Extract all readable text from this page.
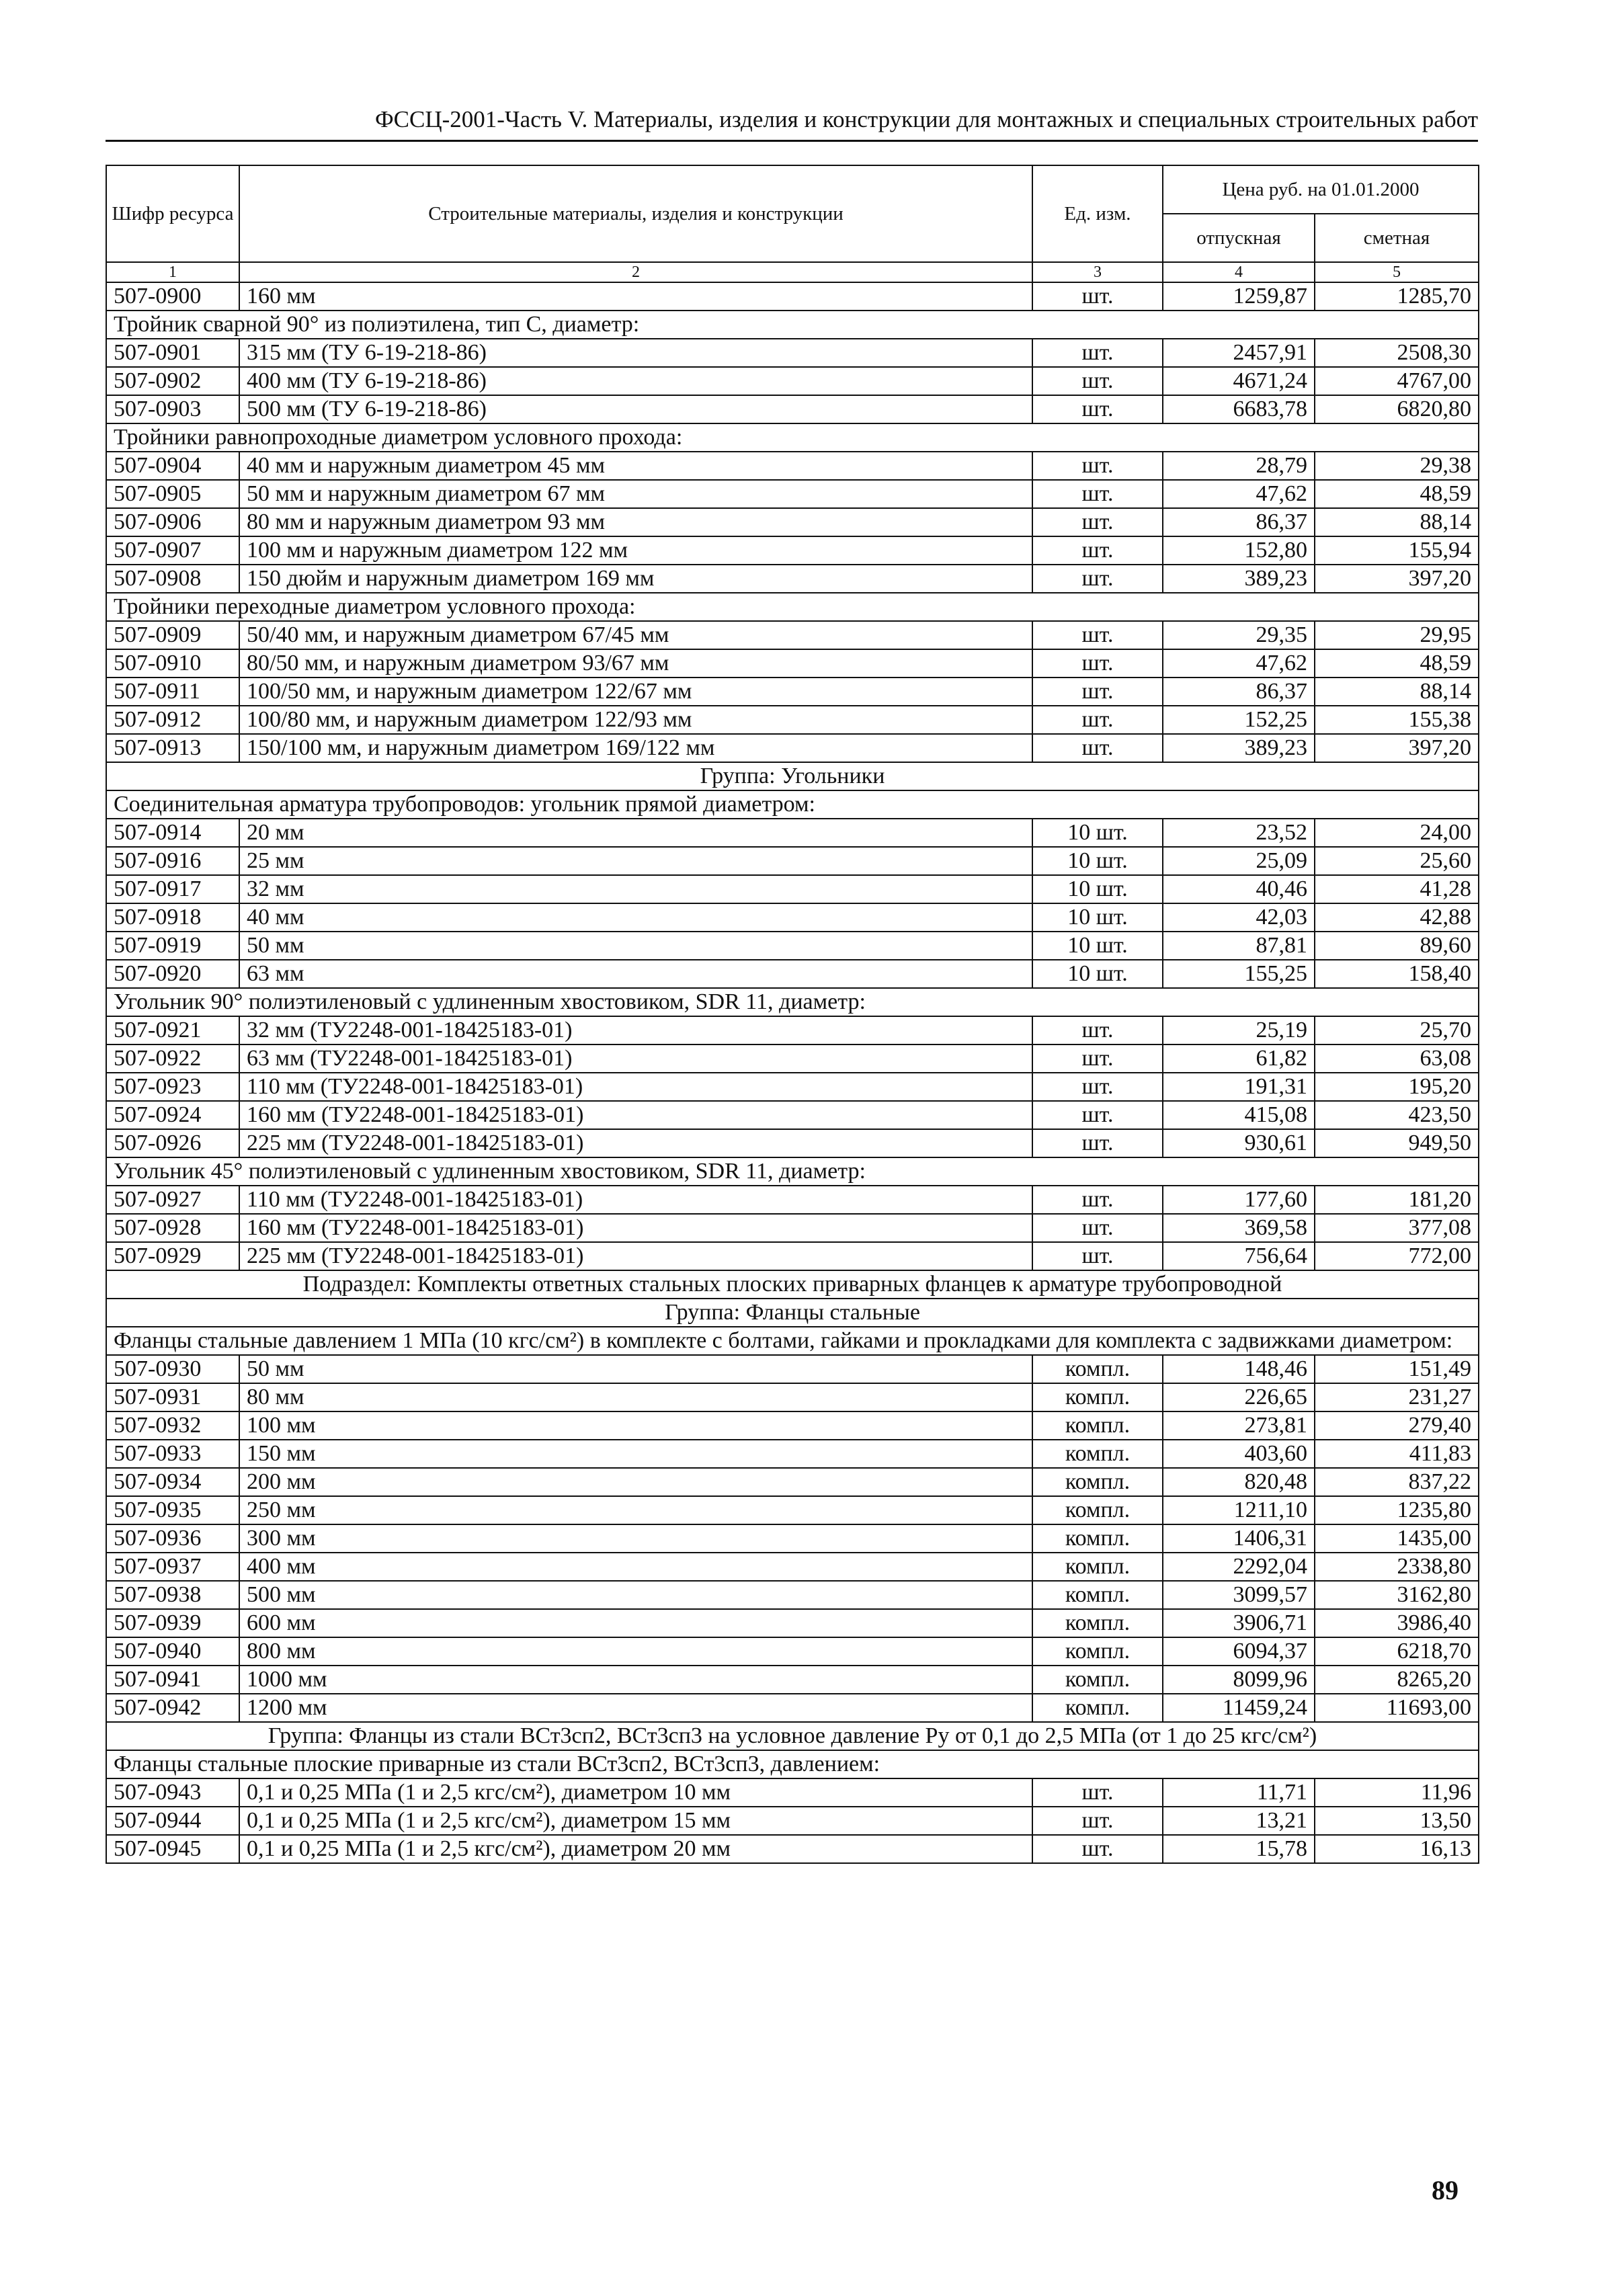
ФССЦ-2001-Часть V. Материалы, изделия и конструкции для монтажных и специальных строительных работ
Шифр ресурса	Строительные материалы, изделия и конструкции	Ед. изм.	Цена руб. на 01.01.2000	
			отпускная	сметная
1	2	3	4	5
507-0900	160 мм	шт.	1259,87	1285,70
Тройник сварной 90° из полиэтилена, тип С, диаметр:				
507-0901	315 мм (ТУ 6-19-218-86)	шт.	2457,91	2508,30
507-0902	400 мм (ТУ 6-19-218-86)	шт.	4671,24	4767,00
507-0903	500 мм (ТУ 6-19-218-86)	шт.	6683,78	6820,80
Тройники равнопроходные диаметром условного прохода:				
507-0904	40 мм и наружным диаметром 45 мм	шт.	28,79	29,38
507-0905	50 мм и наружным диаметром 67 мм	шт.	47,62	48,59
507-0906	80 мм и наружным диаметром 93 мм	шт.	86,37	88,14
507-0907	100 мм и наружным диаметром 122 мм	шт.	152,80	155,94
507-0908	150 дюйм и наружным диаметром 169 мм	шт.	389,23	397,20
Тройники переходные диаметром условного прохода:				
507-0909	50/40 мм, и наружным диаметром 67/45 мм	шт.	29,35	29,95
507-0910	80/50 мм, и наружным диаметром 93/67 мм	шт.	47,62	48,59
507-0911	100/50 мм, и наружным диаметром 122/67 мм	шт.	86,37	88,14
507-0912	100/80 мм, и наружным диаметром 122/93 мм	шт.	152,25	155,38
507-0913	150/100 мм, и наружным диаметром 169/122 мм	шт.	389,23	397,20
Группа: Угольники				
Соединительная арматура трубопроводов: угольник прямой диаметром:				
507-0914	20 мм	10 шт.	23,52	24,00
507-0916	25 мм	10 шт.	25,09	25,60
507-0917	32 мм	10 шт.	40,46	41,28
507-0918	40 мм	10 шт.	42,03	42,88
507-0919	50 мм	10 шт.	87,81	89,60
507-0920	63 мм	10 шт.	155,25	158,40
Угольник 90° полиэтиленовый с удлиненным хвостовиком, SDR 11, диаметр:				
507-0921	32 мм (ТУ2248-001-18425183-01)	шт.	25,19	25,70
507-0922	63 мм (ТУ2248-001-18425183-01)	шт.	61,82	63,08
507-0923	110 мм (ТУ2248-001-18425183-01)	шт.	191,31	195,20
507-0924	160 мм (ТУ2248-001-18425183-01)	шт.	415,08	423,50
507-0926	225 мм (ТУ2248-001-18425183-01)	шт.	930,61	949,50
Угольник 45° полиэтиленовый с удлиненным хвостовиком, SDR 11, диаметр:				
507-0927	110 мм (ТУ2248-001-18425183-01)	шт.	177,60	181,20
507-0928	160 мм (ТУ2248-001-18425183-01)	шт.	369,58	377,08
507-0929	225 мм (ТУ2248-001-18425183-01)	шт.	756,64	772,00
Подраздел: Комплекты ответных стальных плоских приварных фланцев к арматуре трубопроводной				
Группа: Фланцы стальные				
Фланцы стальные давлением 1 МПа (10 кгс/см²) в комплекте с болтами, гайками и прокладками для комплекта с задвижками диаметром:				
507-0930	50 мм	компл.	148,46	151,49
507-0931	80 мм	компл.	226,65	231,27
507-0932	100 мм	компл.	273,81	279,40
507-0933	150 мм	компл.	403,60	411,83
507-0934	200 мм	компл.	820,48	837,22
507-0935	250 мм	компл.	1211,10	1235,80
507-0936	300 мм	компл.	1406,31	1435,00
507-0937	400 мм	компл.	2292,04	2338,80
507-0938	500 мм	компл.	3099,57	3162,80
507-0939	600 мм	компл.	3906,71	3986,40
507-0940	800 мм	компл.	6094,37	6218,70
507-0941	1000 мм	компл.	8099,96	8265,20
507-0942	1200 мм	компл.	11459,24	11693,00
Группа: Фланцы из стали ВСт3сп2, ВСт3сп3 на условное давление Ру от 0,1 до 2,5 МПа (от 1 до 25 кгс/см²)				
Фланцы стальные плоские приварные из стали ВСт3сп2, ВСт3сп3, давлением:				
507-0943	0,1 и 0,25 МПа (1 и 2,5 кгс/см²), диаметром 10 мм	шт.	11,71	11,96
507-0944	0,1 и 0,25 МПа (1 и 2,5 кгс/см²), диаметром 15 мм	шт.	13,21	13,50
507-0945	0,1 и 0,25 МПа (1 и 2,5 кгс/см²), диаметром 20 мм	шт.	15,78	16,13
89
